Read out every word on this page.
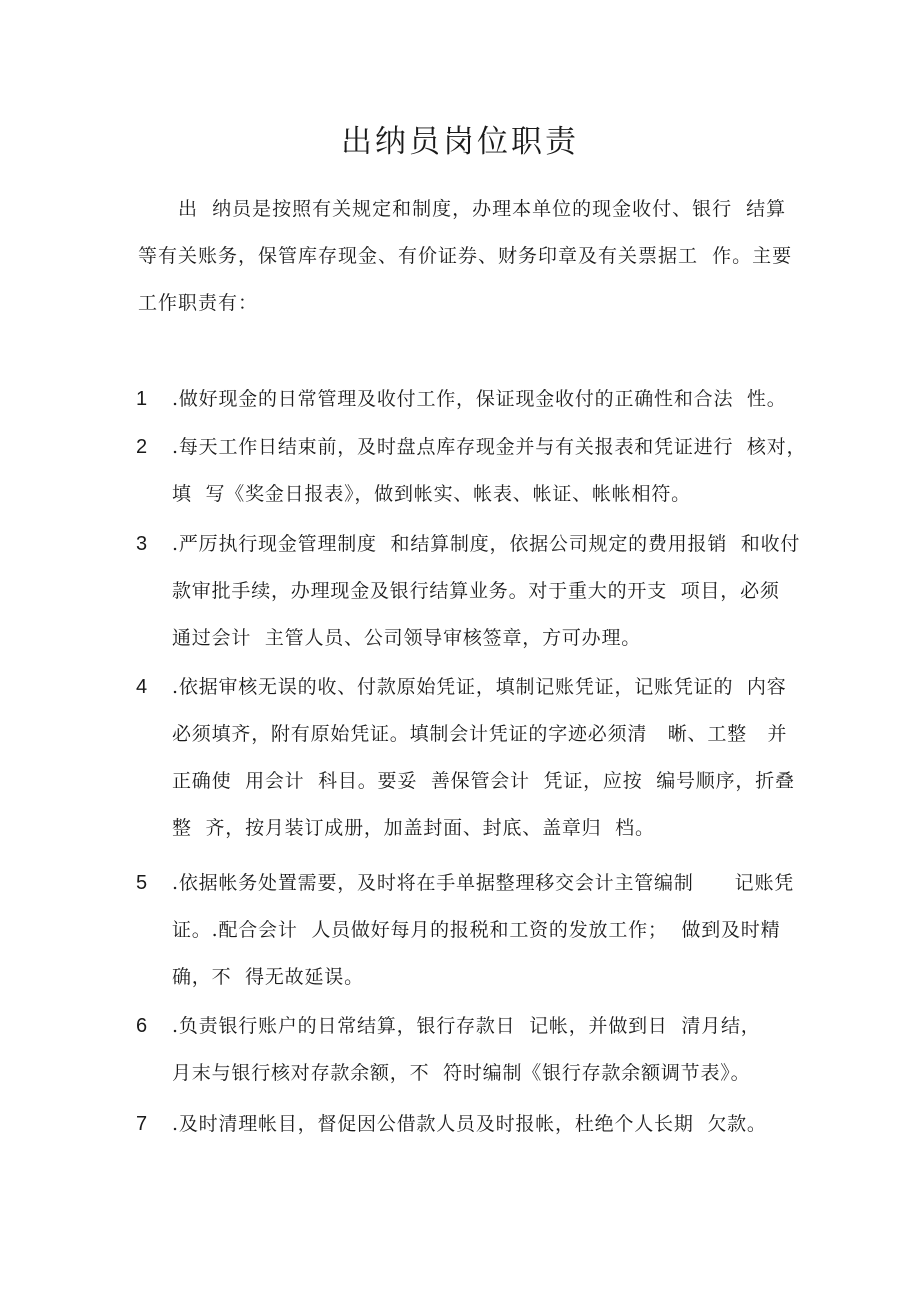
出纳员岗位职责
出  纳员是按照有关规定和制度，办理本单位的现金收付、银行  结算
等有关账务，保管库存现金、有价证券、财务印章及有关票据工  作。主要
工作职责有：
1	.做好现金的日常管理及收付工作，保证现金收付的正确性和合法  性。
2	.每天工作日结束前，及时盘点库存现金并与有关报表和凭证进行  核对，
填  写《奖金日报表》，做到帐实、帐表、帐证、帐帐相符。
3	.严厉执行现金管理制度  和结算制度，依据公司规定的费用报销  和收付
款审批手续，办理现金及银行结算业务。对于重大的开支  项目，必须
通过会计  主管人员、公司领导审核签章，方可办理。
4	.依据审核无误的收、付款原始凭证，填制记账凭证，记账凭证的  内容
必须填齐，附有原始凭证。填制会计凭证的字迹必须清   晰、工整   并
正确使  用会计  科目。要妥  善保管会计  凭证，应按  编号顺序，折叠
整  齐，按月装订成册，加盖封面、封底、盖章归  档。
5	.依据帐务处置需要，及时将在手单据整理移交会计主管编制      记账凭
证。.配合会计  人员做好每月的报税和工资的发放工作；  做到及时精
确，不  得无故延误。
6	.负责银行账户的日常结算，银行存款日  记帐，并做到日  清月结，
月末与银行核对存款余额，不  符时编制《银行存款余额调节表》。
7	.及时清理帐目，督促因公借款人员及时报帐，杜绝个人长期  欠款。
